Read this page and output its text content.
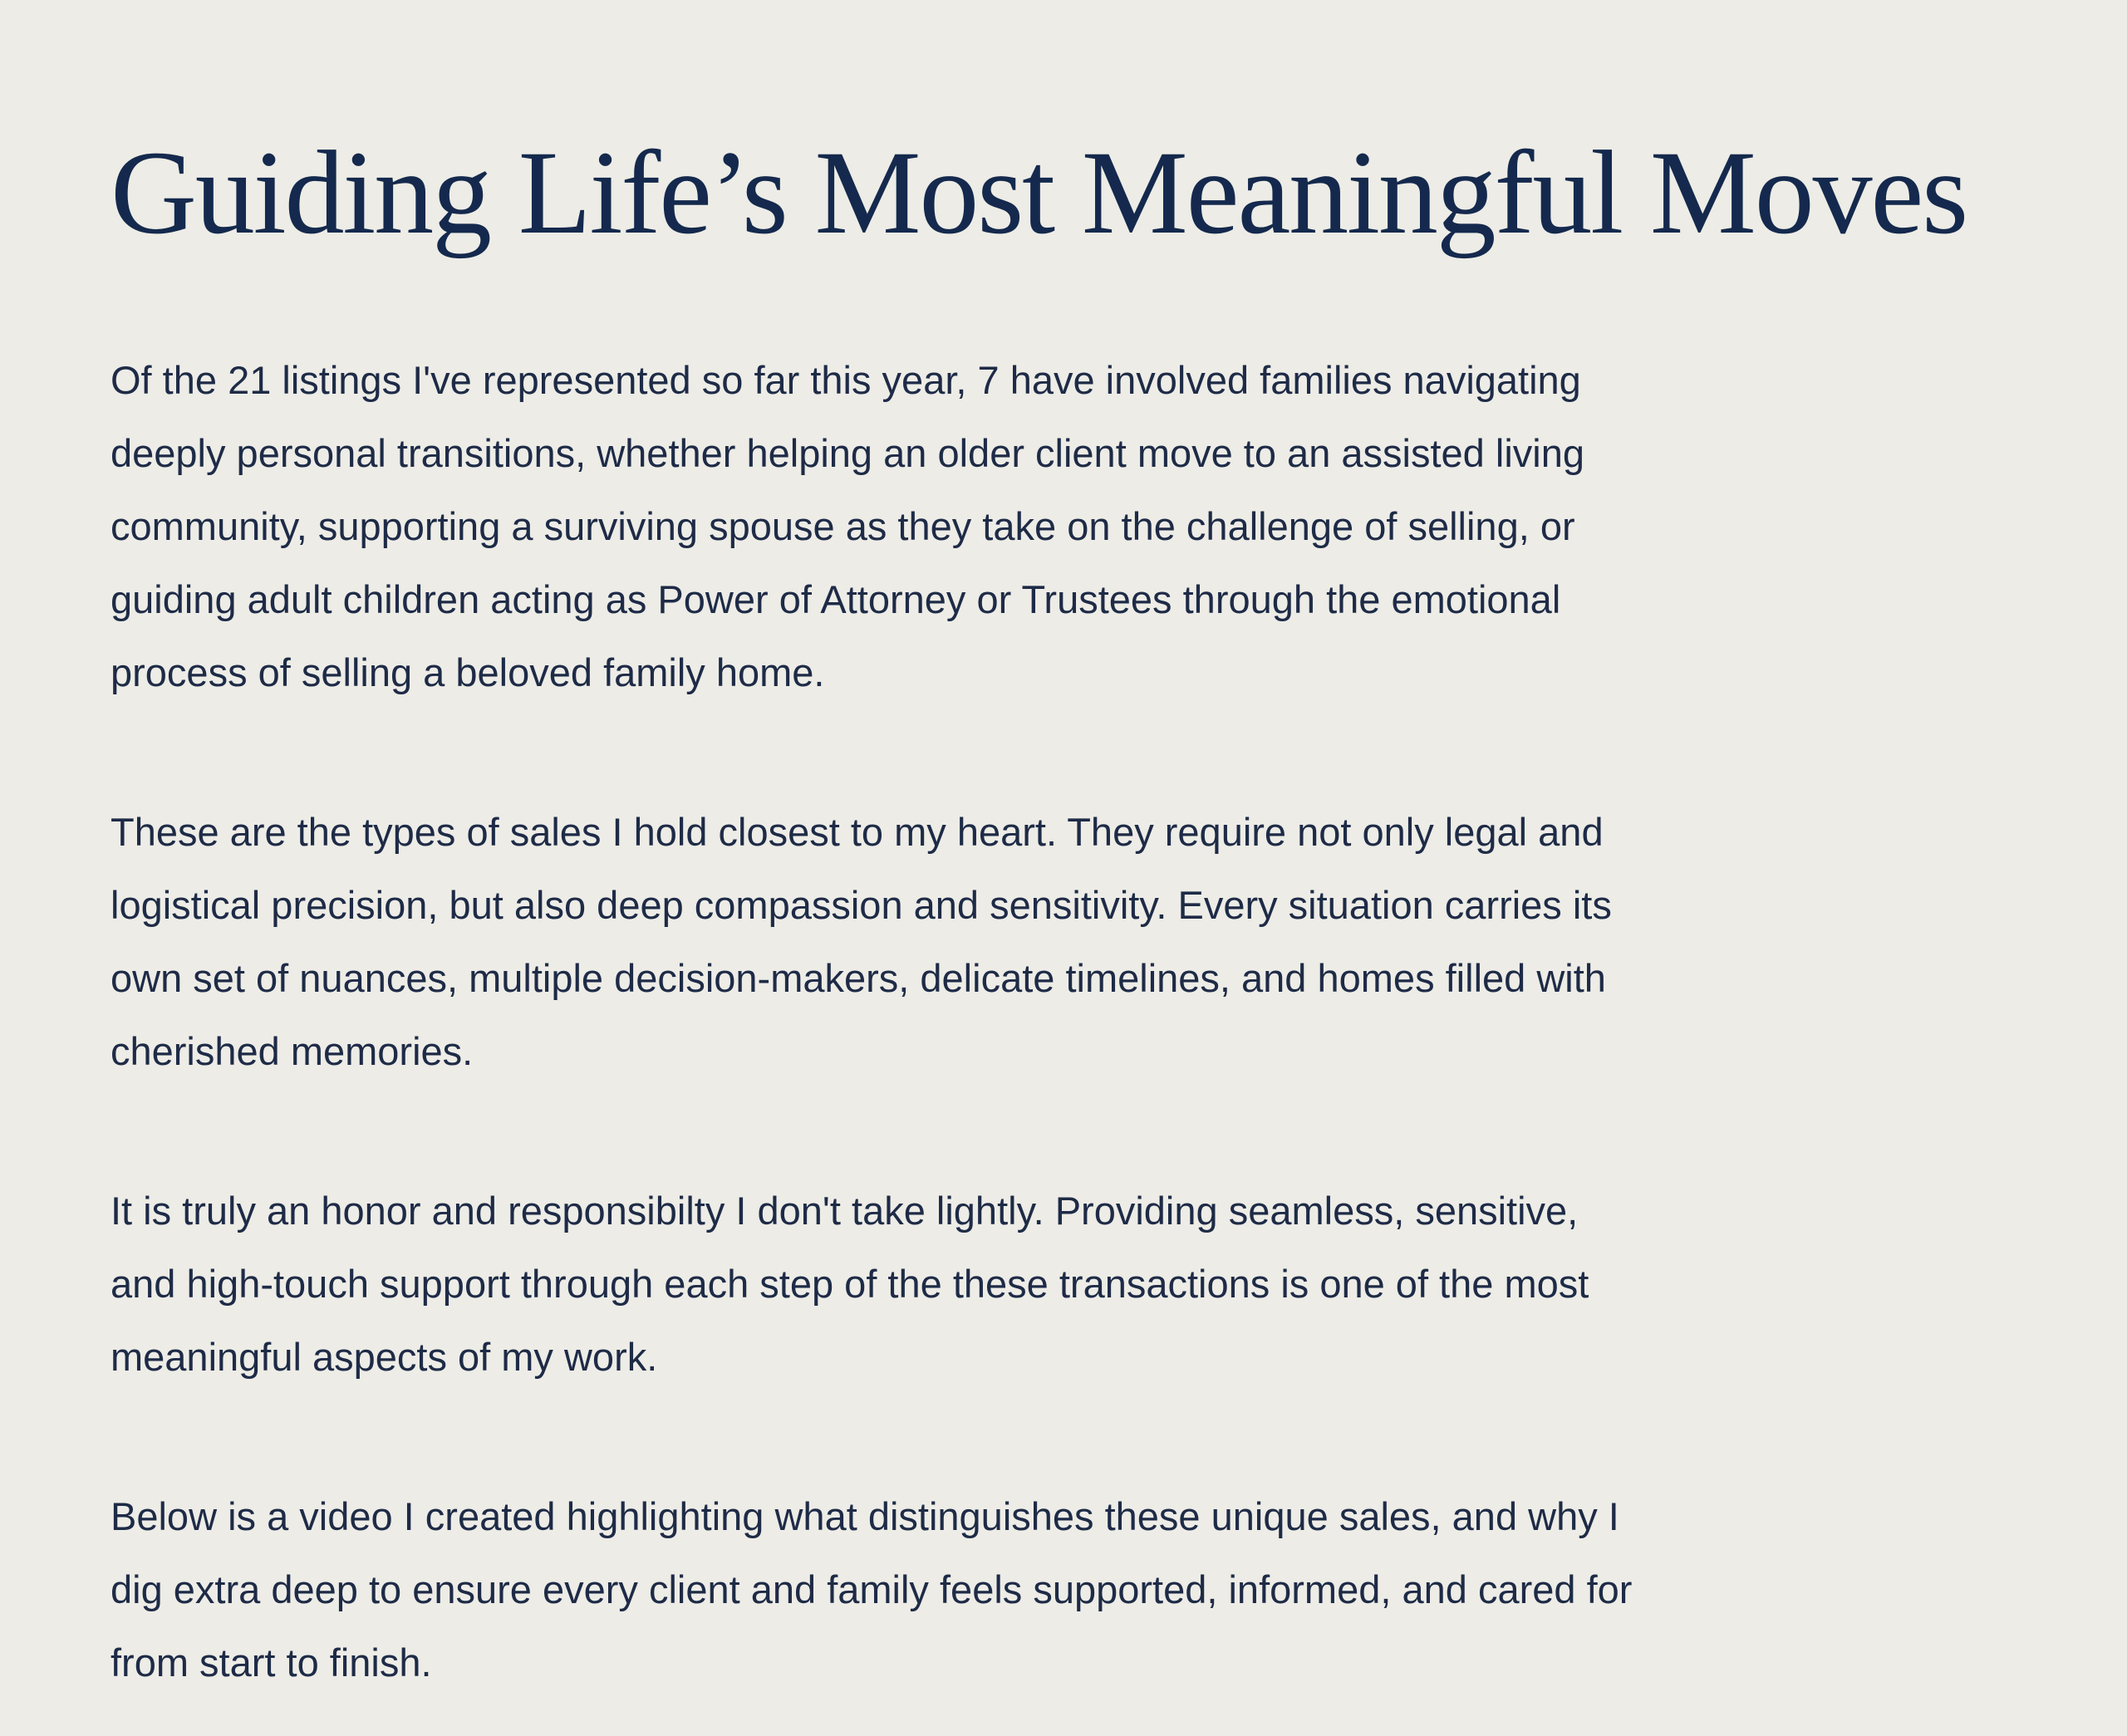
Guiding Life’s Most Meaningful Moves

Of the 21 listings I've represented so far this year, 7 have involved families navigating
deeply personal transitions, whether helping an older client move to an assisted living
community, supporting a surviving spouse as they take on the challenge of selling, or
guiding adult children acting as Power of Attorney or Trustees through the emotional
process of selling a beloved family home.

These are the types of sales I hold closest to my heart. They require not only legal and
logistical precision, but also deep compassion and sensitivity. Every situation carries its
own set of nuances, multiple decision-makers, delicate timelines, and homes filled with
cherished memories.

It is truly an honor and responsibilty I don't take lightly. Providing seamless, sensitive,
and high-touch support through each step of the these transactions is one of the most
meaningful aspects of my work.

Below is a video I created highlighting what distinguishes these unique sales, and why I
dig extra deep to ensure every client and family feels supported, informed, and cared for
from start to finish.
